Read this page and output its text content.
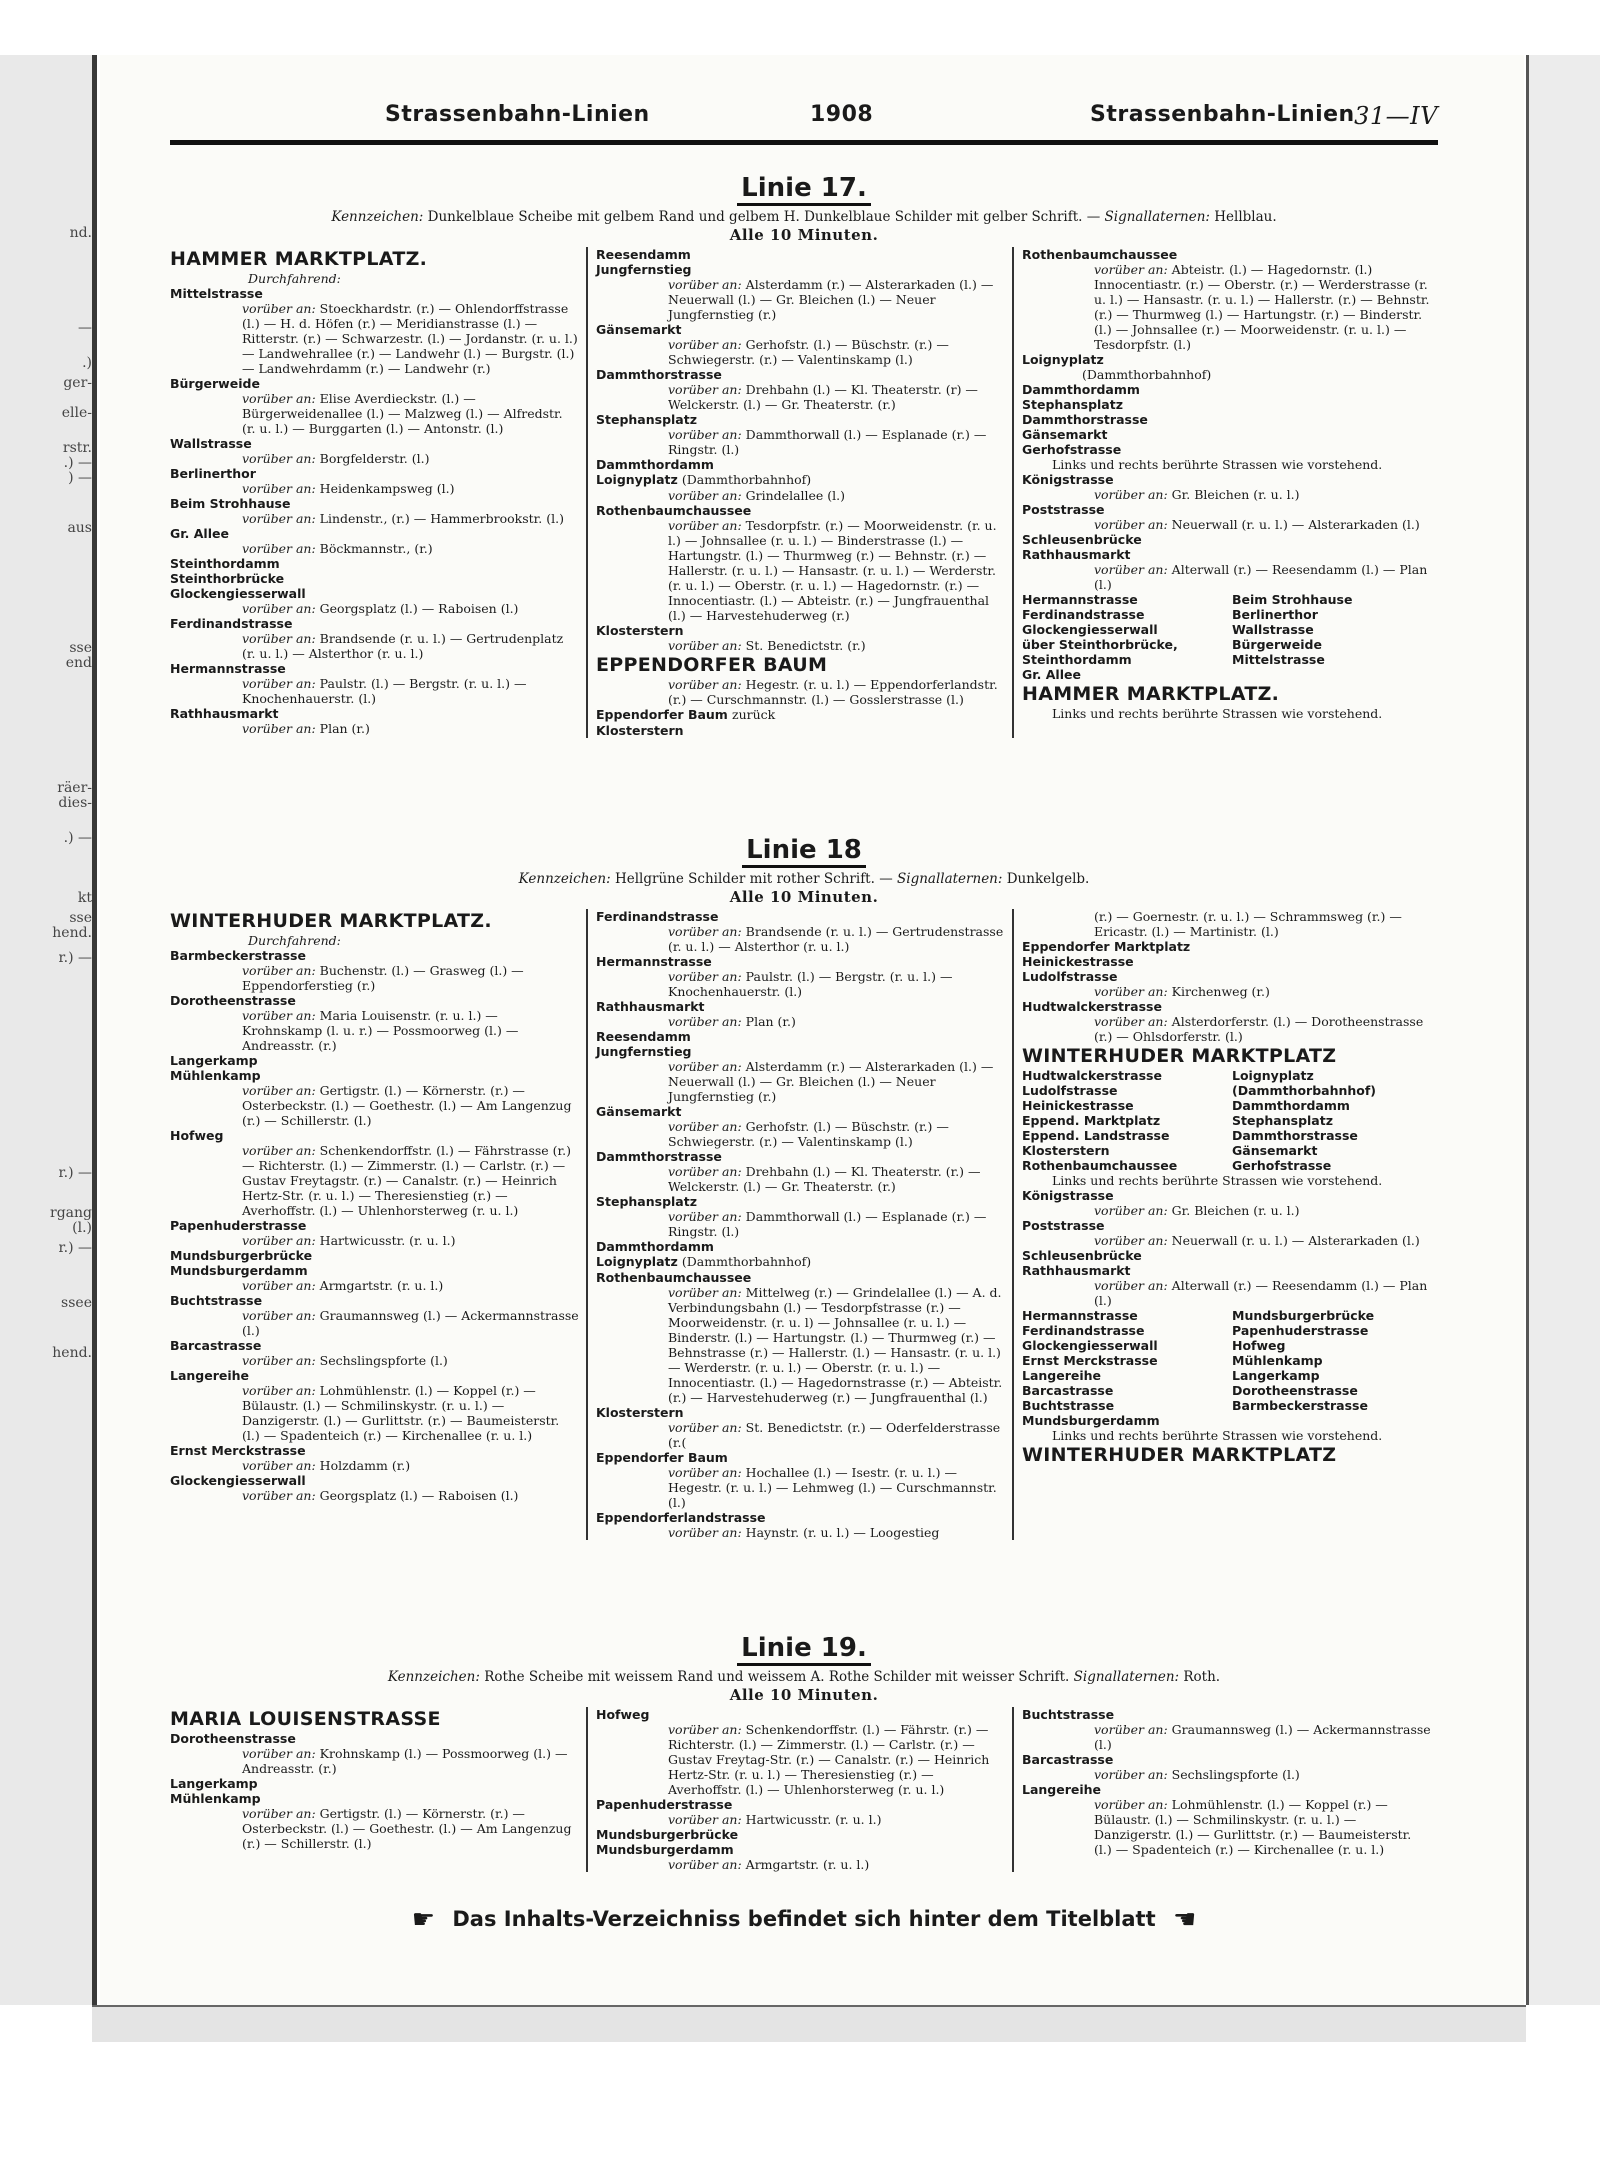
nd.
—
.)
ger-
elle-
rstr.
.) —
) —
aus
sse
end
räer-
dies-
.) —
kt
sse
hend.
r.) —
r.) —
rgang
(l.)
r.) —
ssee
hend.
Strassenbahn-Linien	1908	Strassenbahn-Linien 31—IV
Linie 17.
Kennzeichen: Dunkelblaue Scheibe mit gelbem Rand und gelbem H. Dunkelblaue Schilder mit gelber Schrift. — Signallaternen: Hellblau.
Alle 10 Minuten.
HAMMER MARKTPLATZ.
Durchfahrend:
Mittelstrasse
vorüber an: Stoeckhardstr. (r.) — Ohlendorffstrasse (l.) — H. d. Höfen (r.) — Meridianstrasse (l.) — Ritterstr. (r.) — Schwarzestr. (l.) — Jordanstr. (r. u. l.) — Landwehrallee (r.) — Landwehr (l.) — Burgstr. (l.) — Landwehrdamm (r.) — Landwehr (r.)
Bürgerweide
vorüber an: Elise Averdieckstr. (l.) — Bürgerweidenallee (l.) — Malzweg (l.) — Alfredstr. (r. u. l.) — Burggarten (l.) — Antonstr. (l.)
Wallstrasse
vorüber an: Borgfelderstr. (l.)
Berlinerthor
vorüber an: Heidenkampsweg (l.)
Beim Strohhause
vorüber an: Lindenstr., (r.) — Hammerbrookstr. (l.)
Gr. Allee
vorüber an: Böckmannstr., (r.)
Steinthordamm
Steinthorbrücke
Glockengiesserwall
vorüber an: Georgsplatz (l.) — Raboisen (l.)
Ferdinandstrasse
vorüber an: Brandsende (r. u. l.) — Gertrudenplatz (r. u. l.) — Alsterthor (r. u. l.)
Hermannstrasse
vorüber an: Paulstr. (l.) — Bergstr. (r. u. l.) — Knochenhauerstr. (l.)
Rathhausmarkt
vorüber an: Plan (r.)
Reesendamm
Jungfernstieg
vorüber an: Alsterdamm (r.) — Alsterarkaden (l.) — Neuerwall (l.) — Gr. Bleichen (l.) — Neuer Jungfernstieg (r.)
Gänsemarkt
vorüber an: Gerhofstr. (l.) — Büschstr. (r.) — Schwiegerstr. (r.) — Valentinskamp (l.)
Dammthorstrasse
vorüber an: Drehbahn (l.) — Kl. Theaterstr. (r) — Welckerstr. (l.) — Gr. Theaterstr. (r.)
Stephansplatz
vorüber an: Dammthorwall (l.) — Esplanade (r.) — Ringstr. (l.)
Dammthordamm
Loignyplatz (Dammthorbahnhof)
vorüber an: Grindelallee (l.)
Rothenbaumchaussee
vorüber an: Tesdorpfstr. (r.) — Moorweidenstr. (r. u. l.) — Johnsallee (r. u. l.) — Binderstrasse (l.) — Hartungstr. (l.) — Thurmweg (r.) — Behnstr. (r.) — Hallerstr. (r. u. l.) — Hansastr. (r. u. l.) — Werderstr. (r. u. l.) — Oberstr. (r. u. l.) — Hagedornstr. (r.) — Innocentiastr. (l.) — Abteistr. (r.) — Jungfrauenthal (l.) — Harvestehuderweg (r.)
Klosterstern
vorüber an: St. Benedictstr. (r.)
EPPENDORFER BAUM
vorüber an: Hegestr. (r. u. l.) — Eppendorferlandstr. (r.) — Curschmannstr. (l.) — Gosslerstrasse (l.)
Eppendorfer Baum zurück
Klosterstern
Rothenbaumchaussee
vorüber an: Abteistr. (l.) — Hagedornstr. (l.) Innocentiastr. (r.) — Oberstr. (r.) — Werderstrasse (r. u. l.) — Hansastr. (r. u. l.) — Hallerstr. (r.) — Behnstr. (r.) — Thurmweg (l.) — Hartungstr. (r.) — Binderstr. (l.) — Johnsallee (r.) — Moorweidenstr. (r. u. l.) — Tesdorpfstr. (l.)
Loignyplatz
(Dammthorbahnhof)
Dammthordamm
Stephansplatz
Dammthorstrasse
Gänsemarkt
Gerhofstrasse
Links und rechts berührte Strassen wie vorstehend.
Königstrasse
vorüber an: Gr. Bleichen (r. u. l.)
Poststrasse
vorüber an: Neuerwall (r. u. l.) — Alsterarkaden (l.)
Schleusenbrücke
Rathhausmarkt
vorüber an: Alterwall (r.) — Reesendamm (l.) — Plan (l.)
Hermannstrasse	Beim Strohhause
Ferdinandstrasse	Berlinerthor
Glockengiesserwall	Wallstrasse
über Steinthorbrücke,	Bürgerweide
Steinthordamm	Mittelstrasse
Gr. Allee
HAMMER MARKTPLATZ.
Links und rechts berührte Strassen wie vorstehend.
Linie 18
Kennzeichen: Hellgrüne Schilder mit rother Schrift. — Signallaternen: Dunkelgelb.
Alle 10 Minuten.
WINTERHUDER MARKTPLATZ.
Durchfahrend:
Barmbeckerstrasse
vorüber an: Buchenstr. (l.) — Grasweg (l.) — Eppendorferstieg (r.)
Dorotheenstrasse
vorüber an: Maria Louisenstr. (r. u. l.) — Krohnskamp (l. u. r.) — Possmoorweg (l.) — Andreasstr. (r.)
Langerkamp
Mühlenkamp
vorüber an: Gertigstr. (l.) — Körnerstr. (r.) — Osterbeckstr. (l.) — Goethestr. (l.) — Am Langenzug (r.) — Schillerstr. (l.)
Hofweg
vorüber an: Schenkendorffstr. (l.) — Fährstrasse (r.) — Richterstr. (l.) — Zimmerstr. (l.) — Carlstr. (r.) — Gustav Freytagstr. (r.) — Canalstr. (r.) — Heinrich Hertz-Str. (r. u. l.) — Theresienstieg (r.) — Averhoffstr. (l.) — Uhlenhorsterweg (r. u. l.)
Papenhuderstrasse
vorüber an: Hartwicusstr. (r. u. l.)
Mundsburgerbrücke
Mundsburgerdamm
vorüber an: Armgartstr. (r. u. l.)
Buchtstrasse
vorüber an: Graumannsweg (l.) — Ackermannstrasse (l.)
Barcastrasse
vorüber an: Sechslingspforte (l.)
Langereihe
vorüber an: Lohmühlenstr. (l.) — Koppel (r.) — Bülaustr. (l.) — Schmilinskystr. (r. u. l.) — Danzigerstr. (l.) — Gurlittstr. (r.) — Baumeisterstr. (l.) — Spadenteich (r.) — Kirchenallee (r. u. l.)
Ernst Merckstrasse
vorüber an: Holzdamm (r.)
Glockengiesserwall
vorüber an: Georgsplatz (l.) — Raboisen (l.)
Ferdinandstrasse
vorüber an: Brandsende (r. u. l.) — Gertrudenstrasse (r. u. l.) — Alsterthor (r. u. l.)
Hermannstrasse
vorüber an: Paulstr. (l.) — Bergstr. (r. u. l.) — Knochenhauerstr. (l.)
Rathhausmarkt
vorüber an: Plan (r.)
Reesendamm
Jungfernstieg
vorüber an: Alsterdamm (r.) — Alsterarkaden (l.) — Neuerwall (l.) — Gr. Bleichen (l.) — Neuer Jungfernstieg (r.)
Gänsemarkt
vorüber an: Gerhofstr. (l.) — Büschstr. (r.) — Schwiegerstr. (r.) — Valentinskamp (l.)
Dammthorstrasse
vorüber an: Drehbahn (l.) — Kl. Theaterstr. (r.) — Welckerstr. (l.) — Gr. Theaterstr. (r.)
Stephansplatz
vorüber an: Dammthorwall (l.) — Esplanade (r.) — Ringstr. (l.)
Dammthordamm
Loignyplatz (Dammthorbahnhof)
Rothenbaumchaussee
vorüber an: Mittelweg (r.) — Grindelallee (l.) — A. d. Verbindungsbahn (l.) — Tesdorpfstrasse (r.) — Moorweidenstr. (r. u. l) — Johnsallee (r. u. l.) — Binderstr. (l.) — Hartungstr. (l.) — Thurmweg (r.) — Behnstrasse (r.) — Hallerstr. (l.) — Hansastr. (r. u. l.) — Werderstr. (r. u. l.) — Oberstr. (r. u. l.) — Innocentiastr. (l.) — Hagedornstrasse (r.) — Abteistr. (r.) — Harvestehuderweg (r.) — Jungfrauenthal (l.)
Klosterstern
vorüber an: St. Benedictstr. (r.) — Oderfelderstrasse (r.(
Eppendorfer Baum
vorüber an: Hochallee (l.) — Isestr. (r. u. l.) — Hegestr. (r. u. l.) — Lehmweg (l.) — Curschmannstr. (l.)
Eppendorferlandstrasse
vorüber an: Haynstr. (r. u. l.) — Loogestieg
(r.) — Goernestr. (r. u. l.) — Schrammsweg (r.) — Ericastr. (l.) — Martinistr. (l.)
Eppendorfer Marktplatz
Heinickestrasse
Ludolfstrasse
vorüber an: Kirchenweg (r.)
Hudtwalckerstrasse
vorüber an: Alsterdorferstr. (l.) — Dorotheenstrasse (r.) — Ohlsdorferstr. (l.)
WINTERHUDER MARKTPLATZ
Hudtwalckerstrasse	Loignyplatz
Ludolfstrasse	(Dammthorbahnhof)
Heinickestrasse	Dammthordamm
Eppend. Marktplatz	Stephansplatz
Eppend. Landstrasse	Dammthorstrasse
Klosterstern	Gänsemarkt
Rothenbaumchaussee	Gerhofstrasse
Links und rechts berührte Strassen wie vorstehend.
Königstrasse
vorüber an: Gr. Bleichen (r. u. l.)
Poststrasse
vorüber an: Neuerwall (r. u. l.) — Alsterarkaden (l.)
Schleusenbrücke
Rathhausmarkt
vorüber an: Alterwall (r.) — Reesendamm (l.) — Plan (l.)
Hermannstrasse	Mundsburgerbrücke
Ferdinandstrasse	Papenhuderstrasse
Glockengiesserwall	Hofweg
Ernst Merckstrasse	Mühlenkamp
Langereihe	Langerkamp
Barcastrasse	Dorotheenstrasse
Buchtstrasse	Barmbeckerstrasse
Mundsburgerdamm
Links und rechts berührte Strassen wie vorstehend.
WINTERHUDER MARKTPLATZ
Linie 19.
Kennzeichen: Rothe Scheibe mit weissem Rand und weissem A. Rothe Schilder mit weisser Schrift. Signallaternen: Roth.
Alle 10 Minuten.
MARIA LOUISENSTRASSE
Dorotheenstrasse
vorüber an: Krohnskamp (l.) — Possmoorweg (l.) — Andreasstr. (r.)
Langerkamp
Mühlenkamp
vorüber an: Gertigstr. (l.) — Körnerstr. (r.) — Osterbeckstr. (l.) — Goethestr. (l.) — Am Langenzug (r.) — Schillerstr. (l.)
Hofweg
vorüber an: Schenkendorffstr. (l.) — Fährstr. (r.) — Richterstr. (l.) — Zimmerstr. (l.) — Carlstr. (r.) — Gustav Freytag-Str. (r.) — Canalstr. (r.) — Heinrich Hertz-Str. (r. u. l.) — Theresienstieg (r.) — Averhoffstr. (l.) — Uhlenhorsterweg (r. u. l.)
Papenhuderstrasse
vorüber an: Hartwicusstr. (r. u. l.)
Mundsburgerbrücke
Mundsburgerdamm
vorüber an: Armgartstr. (r. u. l.)
Buchtstrasse
vorüber an: Graumannsweg (l.) — Ackermannstrasse (l.)
Barcastrasse
vorüber an: Sechslingspforte (l.)
Langereihe
vorüber an: Lohmühlenstr. (l.) — Koppel (r.) — Bülaustr. (l.) — Schmilinskystr. (r. u. l.) — Danzigerstr. (l.) — Gurlittstr. (r.) — Baumeisterstr. (l.) — Spadenteich (r.) — Kirchenallee (r. u. l.)
☛ Das Inhalts-Verzeichniss befindet sich hinter dem Titelblatt ☚
